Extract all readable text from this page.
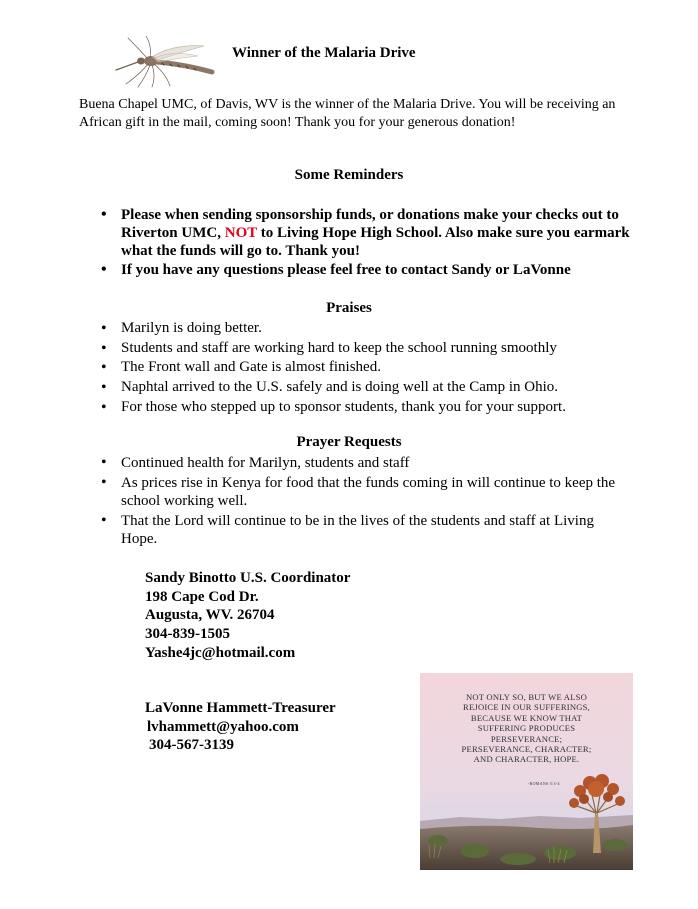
Winner of the Malaria Drive
Buena Chapel UMC, of Davis, WV is the winner of the Malaria Drive. You will be receiving an African gift in the mail, coming soon! Thank you for your generous donation!
Some Reminders
• Please when sending sponsorship funds, or donations make your checks out to Riverton UMC, NOT to Living Hope High School. Also make sure you earmark what the funds will go to. Thank you!
• If you have any questions please feel free to contact Sandy or LaVonne
Praises
• Marilyn is doing better.
• Students and staff are working hard to keep the school running smoothly
• The Front wall and Gate is almost finished.
• Naphtal arrived to the U.S. safely and is doing well at the Camp in Ohio.
• For those who stepped up to sponsor students, thank you for your support.
Prayer Requests
• Continued health for Marilyn, students and staff
• As prices rise in Kenya for food that the funds coming in will continue to keep the school working well.
• That the Lord will continue to be in the lives of the students and staff at Living Hope.
Sandy Binotto U.S. Coordinator
198 Cape Cod Dr.
Augusta, WV. 26704
304-839-1505
Yashe4jc@hotmail.com
LaVonne Hammett-Treasurer
lvhammett@yahoo.com
304-567-3139
NOT ONLY SO, BUT WE ALSO
REJOICE IN OUR SUFFERINGS,
BECAUSE WE KNOW THAT
SUFFERING PRODUCES
PERSEVERANCE;
PERSEVERANCE, CHARACTER;
AND CHARACTER, HOPE.
-ROMANS 5:3-4
